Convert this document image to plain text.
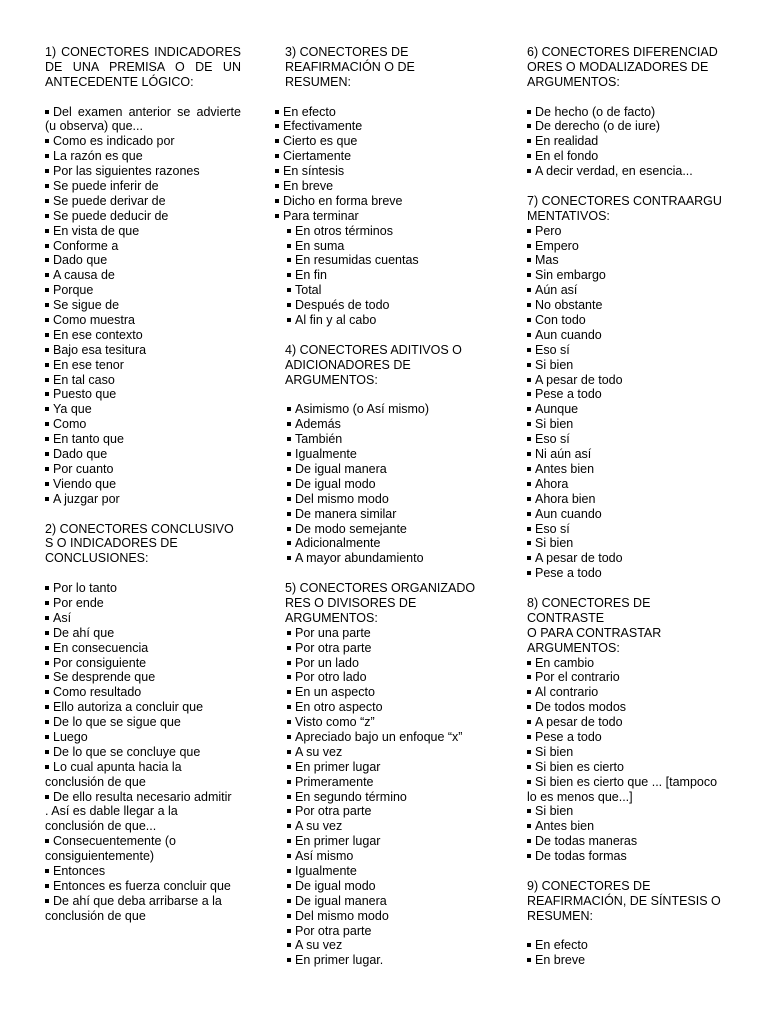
1) CONECTORES INDICADORES
DE UNA PREMISA O DE UN
ANTECEDENTE LÓGICO:
Del examen anterior se advierte
(u observa) que...
Como es indicado por
La razón es que
Por las siguientes razones
Se puede inferir de
Se puede derivar de
Se puede deducir de
En vista de que
Conforme a
Dado que
A causa de
Porque
Se sigue de
Como muestra
En ese contexto
Bajo esa tesitura
En ese tenor
En tal caso
Puesto que
Ya que
Como
En tanto que
Dado que
Por cuanto
Viendo que
A juzgar por
2) CONECTORES CONCLUSIVO
S O INDICADORES DE
CONCLUSIONES:
Por lo tanto
Por ende
Así
De ahí que
En consecuencia
Por consiguiente
Se desprende que
Como resultado
Ello autoriza a concluir que
De lo que se sigue que
Luego
De lo que se concluye que
Lo cual apunta hacia la
conclusión de que
De ello resulta necesario admitir
. Así es dable llegar a la
conclusión de que...
Consecuentemente (o
consiguientemente)
Entonces
Entonces es fuerza concluir que
De ahí que deba arribarse a la
conclusión de que
3) CONECTORES DE
REAFIRMACIÓN O DE
RESUMEN:
En efecto
Efectivamente
Cierto es que
Ciertamente
En síntesis
En breve
Dicho en forma breve
Para terminar
En otros términos
En suma
En resumidas cuentas
En fin
Total
Después de todo
Al fin y al cabo
4) CONECTORES ADITIVOS O
ADICIONADORES DE
ARGUMENTOS:
Asimismo (o Así mismo)
Además
También
Igualmente
De igual manera
De igual modo
Del mismo modo
De manera similar
De modo semejante
Adicionalmente
A mayor abundamiento
5) CONECTORES ORGANIZADO
RES O DIVISORES DE
ARGUMENTOS:
Por una parte
Por otra parte
Por un lado
Por otro lado
En un aspecto
En otro aspecto
Visto como “z”
Apreciado bajo un enfoque “x”
A su vez
En primer lugar
Primeramente
En segundo término
Por otra parte
A su vez
En primer lugar
Así mismo
Igualmente
De igual modo
De igual manera
Del mismo modo
Por otra parte
A su vez
En primer lugar.
6) CONECTORES DIFERENCIAD
ORES O MODALIZADORES DE
ARGUMENTOS:
De hecho (o de facto)
De derecho (o de iure)
En realidad
En el fondo
A decir verdad, en esencia...
7) CONECTORES CONTRAARGU
MENTATIVOS:
Pero
Empero
Mas
Sin embargo
Aún así
No obstante
Con todo
Aun cuando
Eso sí
Si bien
A pesar de todo
Pese a todo
Aunque
Si bien
Eso sí
Ni aún así
Antes bien
Ahora
Ahora bien
Aun cuando
Eso sí
Si bien
A pesar de todo
Pese a todo
8) CONECTORES DE
CONTRASTE
O PARA CONTRASTAR
ARGUMENTOS:
En cambio
Por el contrario
Al contrario
De todos modos
A pesar de todo
Pese a todo
Si bien
Si bien es cierto
Si bien es cierto que ... [tampoco
lo es menos que...]
Si bien
Antes bien
De todas maneras
De todas formas
9) CONECTORES DE
REAFIRMACIÓN, DE SÍNTESIS O
RESUMEN:
En efecto
En breve
